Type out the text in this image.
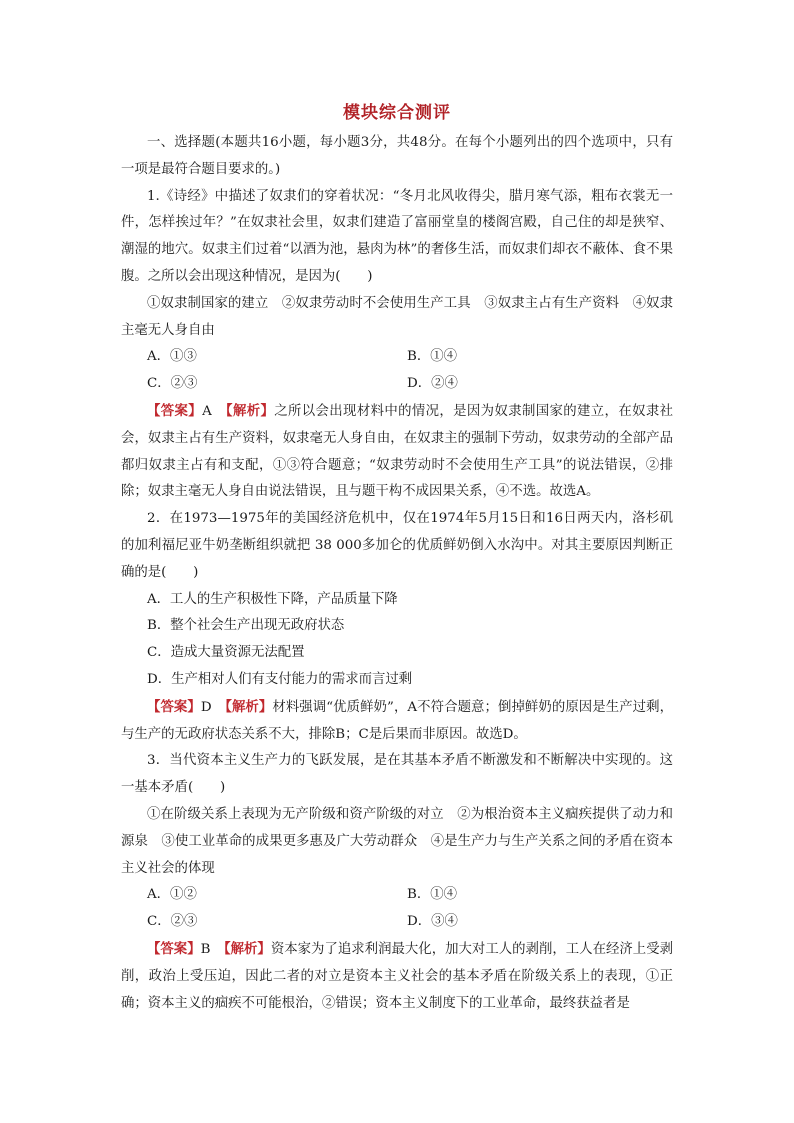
模块综合测评

一、选择题(本题共16小题，每小题3分，共48分。在每个小题列出的四个选项中，只有一项是最符合题目要求的。)

1.《诗经》中描述了奴隶们的穿着状况：“冬月北风收得尖，腊月寒气添，粗布衣裳无一件，怎样挨过年？”在奴隶社会里，奴隶们建造了富丽堂皇的楼阁宫殿，自己住的却是狭窄、潮湿的地穴。奴隶主们过着“以酒为池，悬肉为林”的奢侈生活，而奴隶们却衣不蔽体、食不果腹。之所以会出现这种情况，是因为(　　)

①奴隶制国家的建立　②奴隶劳动时不会使用生产工具　③奴隶主占有生产资料　④奴隶主毫无人身自由

A．①③	B．①④
C．②③	D．②④

【答案】A　 【解析】之所以会出现材料中的情况，是因为奴隶制国家的建立，在奴隶社会，奴隶主占有生产资料，奴隶毫无人身自由，在奴隶主的强制下劳动，奴隶劳动的全部产品都归奴隶主占有和支配，①③符合题意；“奴隶劳动时不会使用生产工具”的说法错误，②排除；奴隶主毫无人身自由说法错误，且与题干构不成因果关系，④不选。故选A。

2．在1973—1975年的美国经济危机中，仅在1974年5月15日和16日两天内，洛杉矶的加利福尼亚牛奶垄断组织就把 38 000多加仑的优质鲜奶倒入水沟中。对其主要原因判断正确的是(　　)

A．工人的生产积极性下降，产品质量下降

B．整个社会生产出现无政府状态

C．造成大量资源无法配置

D．生产相对人们有支付能力的需求而言过剩

【答案】D　 【解析】材料强调“优质鲜奶”，A不符合题意；倒掉鲜奶的原因是生产过剩，与生产的无政府状态关系不大，排除B；C是后果而非原因。故选D。

3．当代资本主义生产力的飞跃发展，是在其基本矛盾不断激发和不断解决中实现的。这一基本矛盾(　　)

①在阶级关系上表现为无产阶级和资产阶级的对立　②为根治资本主义痼疾提供了动力和源泉　③使工业革命的成果更多惠及广大劳动群众　④是生产力与生产关系之间的矛盾在资本主义社会的体现

A．①②	B．①④
C．②③	D．③④

【答案】B　 【解析】资本家为了追求利润最大化，加大对工人的剥削，工人在经济上受剥削，政治上受压迫，因此二者的对立是资本主义社会的基本矛盾在阶级关系上的表现，①正确；资本主义的痼疾不可能根治，②错误；资本主义制度下的工业革命，最终获益者是
